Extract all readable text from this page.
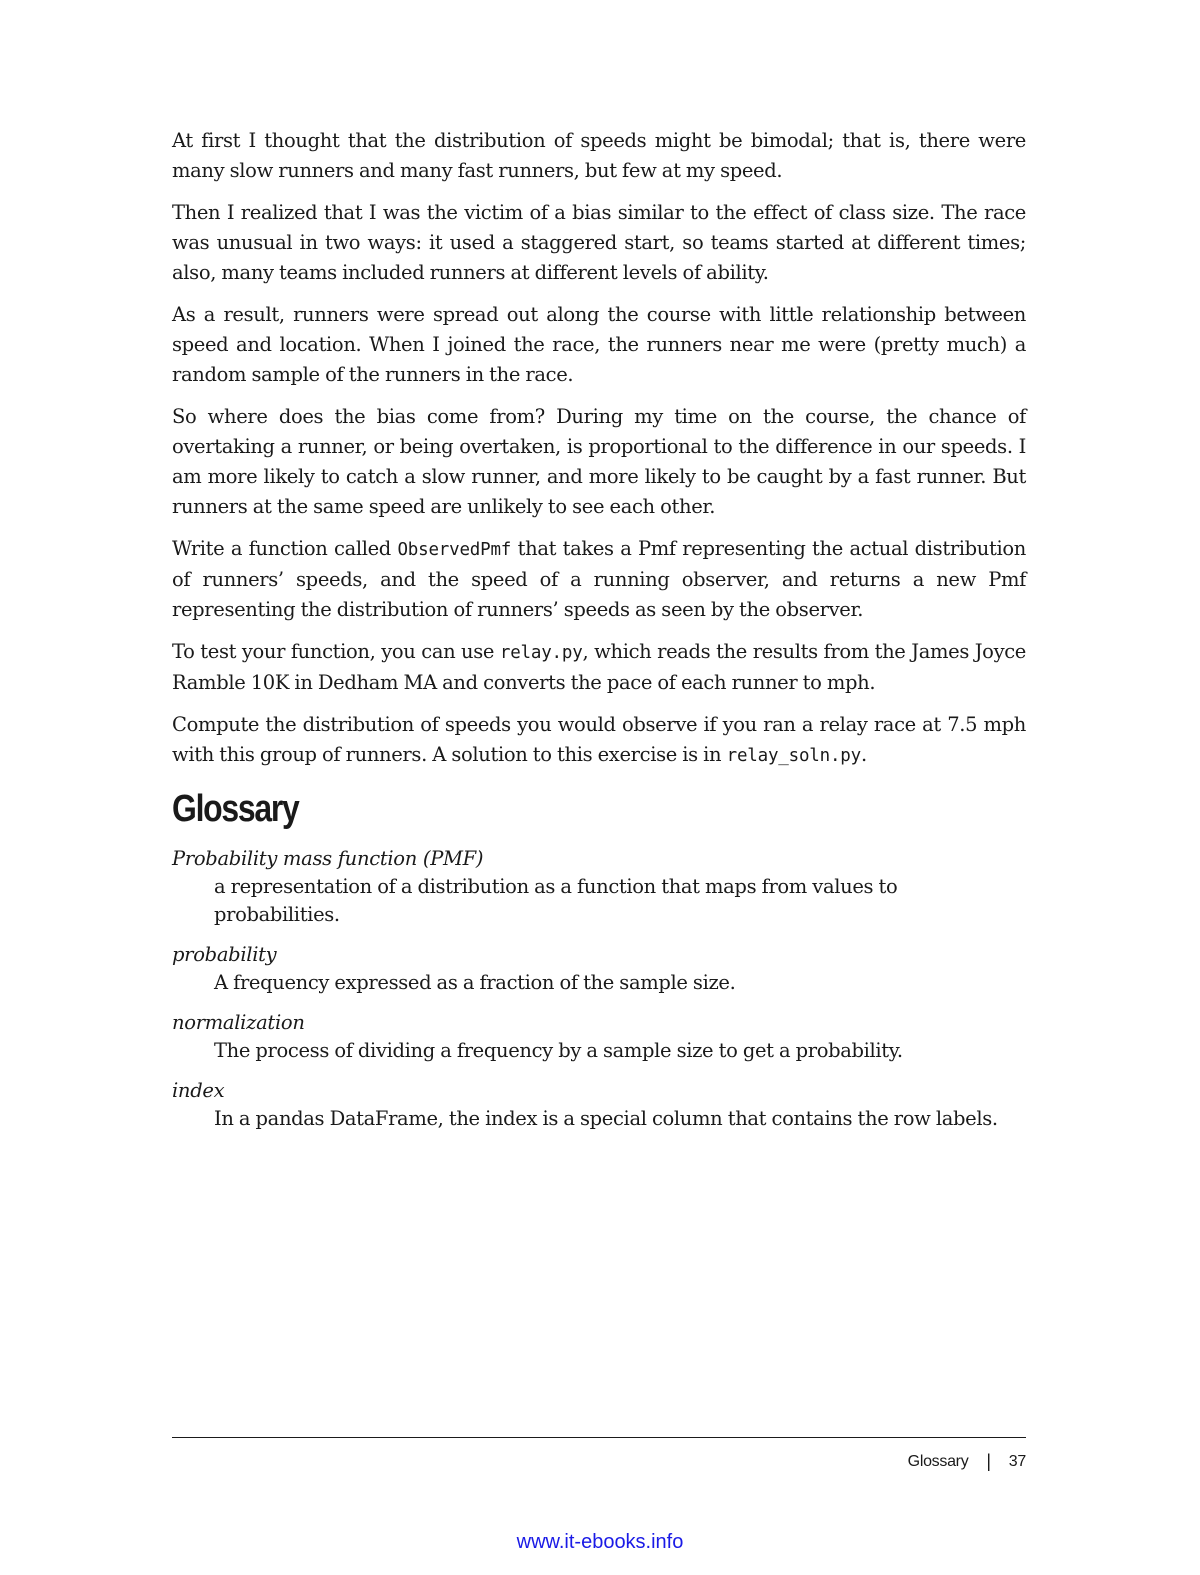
At first I thought that the distribution of speeds might be bimodal; that is, there were many slow runners and many fast runners, but few at my speed.

Then I realized that I was the victim of a bias similar to the effect of class size. The race was unusual in two ways: it used a staggered start, so teams started at different times; also, many teams included runners at different levels of ability.

As a result, runners were spread out along the course with little relationship between speed and location. When I joined the race, the runners near me were (pretty much) a random sample of the runners in the race.

So where does the bias come from? During my time on the course, the chance of overtaking a runner, or being overtaken, is proportional to the difference in our speeds. I am more likely to catch a slow runner, and more likely to be caught by a fast runner. But runners at the same speed are unlikely to see each other.

Write a function called ObservedPmf that takes a Pmf representing the actual distribution of runners’ speeds, and the speed of a running observer, and returns a new Pmf representing the distribution of runners’ speeds as seen by the observer.

To test your function, you can use relay.py, which reads the results from the James Joyce Ramble 10K in Dedham MA and converts the pace of each runner to mph.

Compute the distribution of speeds you would observe if you ran a relay race at 7.5 mph with this group of runners. A solution to this exercise is in relay_soln.py.

Glossary
Probability mass function (PMF)
a representation of a distribution as a function that maps from values to probabilities.
probability
A frequency expressed as a fraction of the sample size.
normalization
The process of dividing a frequency by a sample size to get a probability.
index
In a pandas DataFrame, the index is a special column that contains the row labels.
Glossary | 37
www.it-ebooks.info
